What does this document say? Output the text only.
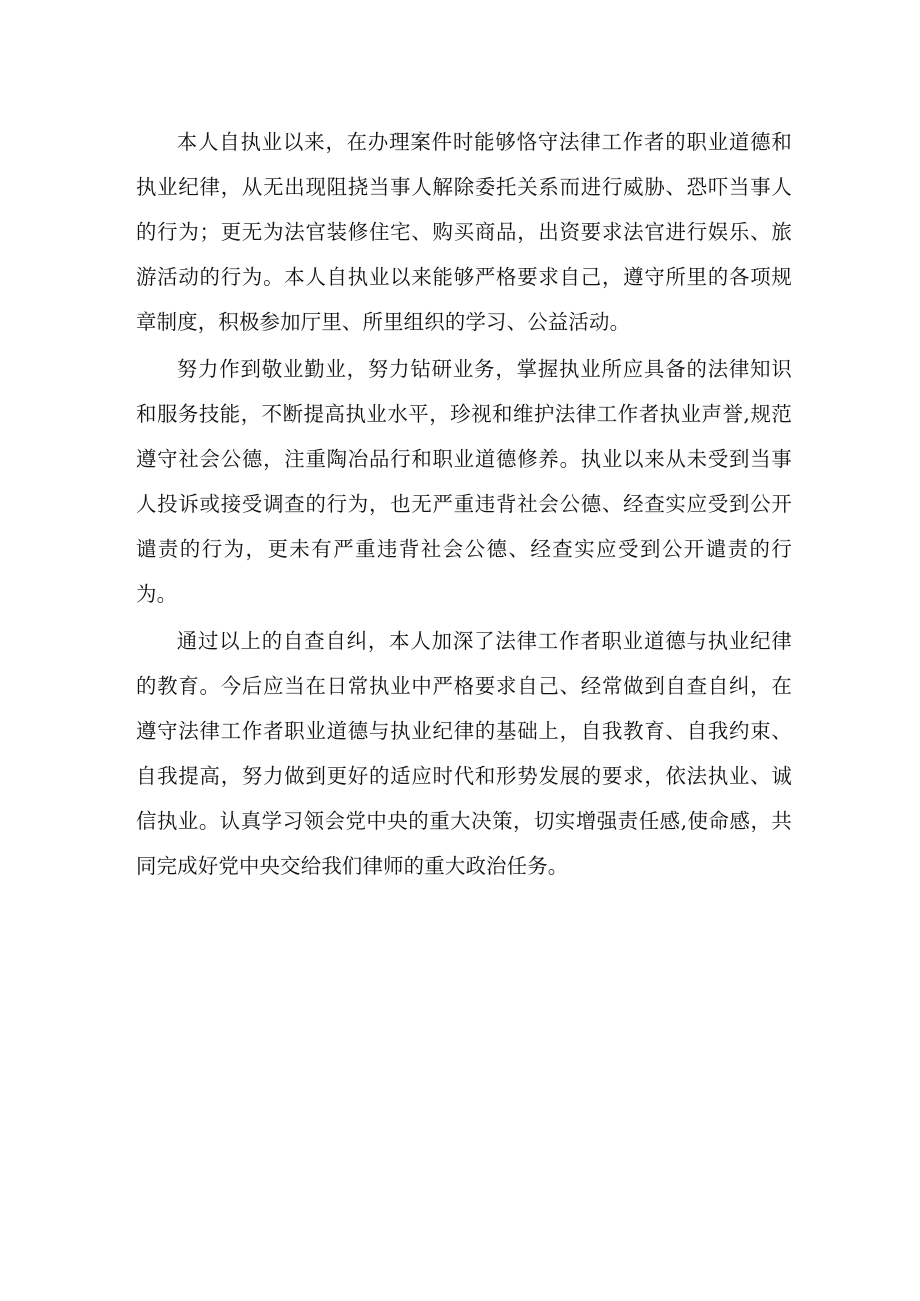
本人自执业以来，在办理案件时能够恪守法律工作者的职业道德和执业纪律，从无出现阻挠当事人解除委托关系而进行威胁、恐吓当事人的行为；更无为法官装修住宅、购买商品，出资要求法官进行娱乐、旅游活动的行为。本人自执业以来能够严格要求自己，遵守所里的各项规章制度，积极参加厅里、所里组织的学习、公益活动。

努力作到敬业勤业，努力钻研业务，掌握执业所应具备的法律知识和服务技能，不断提高执业水平，珍视和维护法律工作者执业声誉,规范遵守社会公德，注重陶冶品行和职业道德修养。执业以来从未受到当事人投诉或接受调查的行为，也无严重违背社会公德、经查实应受到公开谴责的行为，更未有严重违背社会公德、经查实应受到公开谴责的行为。

通过以上的自查自纠，本人加深了法律工作者职业道德与执业纪律的教育。今后应当在日常执业中严格要求自己、经常做到自查自纠，在遵守法律工作者职业道德与执业纪律的基础上，自我教育、自我约束、自我提高，努力做到更好的适应时代和形势发展的要求，依法执业、诚信执业。认真学习领会党中央的重大决策，切实增强责任感,使命感，共同完成好党中央交给我们律师的重大政治任务。
